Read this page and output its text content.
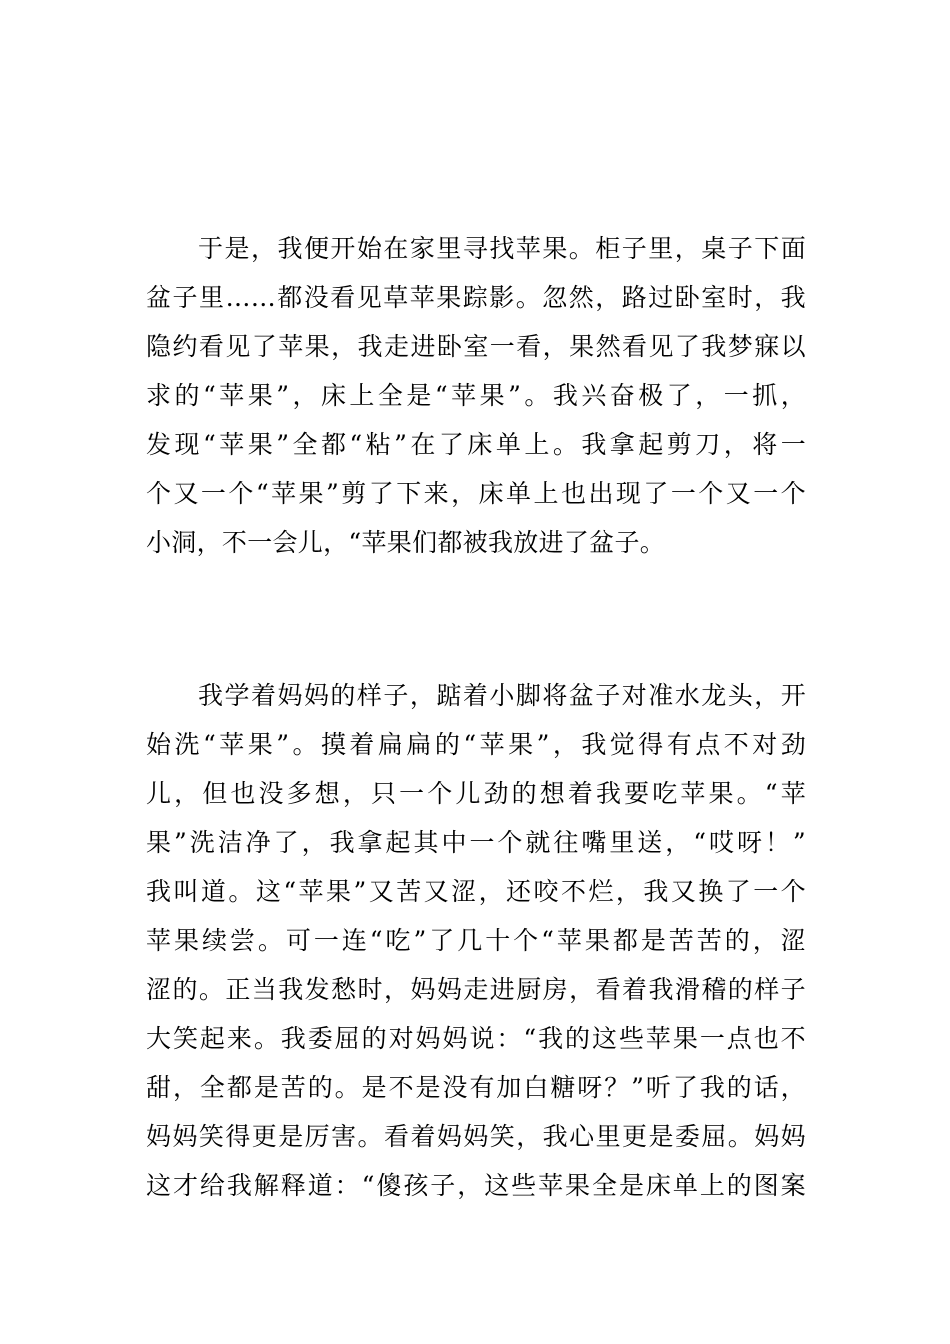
于是，我便开始在家里寻找苹果。柜子里，桌子下面
盆子里……都没看见草苹果踪影。忽然，路过卧室时，我
隐约看见了苹果，我走进卧室一看，果然看见了我梦寐以
求的“苹果”，床上全是“苹果”。我兴奋极了，一抓，
发现“苹果”全都“粘”在了床单上。我拿起剪刀，将一
个又一个“苹果”剪了下来，床单上也出现了一个又一个
小洞，不一会儿，“苹果们都被我放进了盆子。
我学着妈妈的样子，踮着小脚将盆子对准水龙头，开
始洗“苹果”。摸着扁扁的“苹果”，我觉得有点不对劲
儿，但也没多想，只一个儿劲的想着我要吃苹果。“苹
果”洗洁净了，我拿起其中一个就往嘴里送，“哎呀！”
我叫道。这“苹果”又苦又涩，还咬不烂，我又换了一个
苹果续尝。可一连“吃”了几十个“苹果都是苦苦的，涩
涩的。正当我发愁时，妈妈走进厨房，看着我滑稽的样子
大笑起来。我委屈的对妈妈说：“我的这些苹果一点也不
甜，全都是苦的。是不是没有加白糖呀？”听了我的话，
妈妈笑得更是厉害。看着妈妈笑，我心里更是委屈。妈妈
这才给我解释道：“傻孩子，这些苹果全是床单上的图案
